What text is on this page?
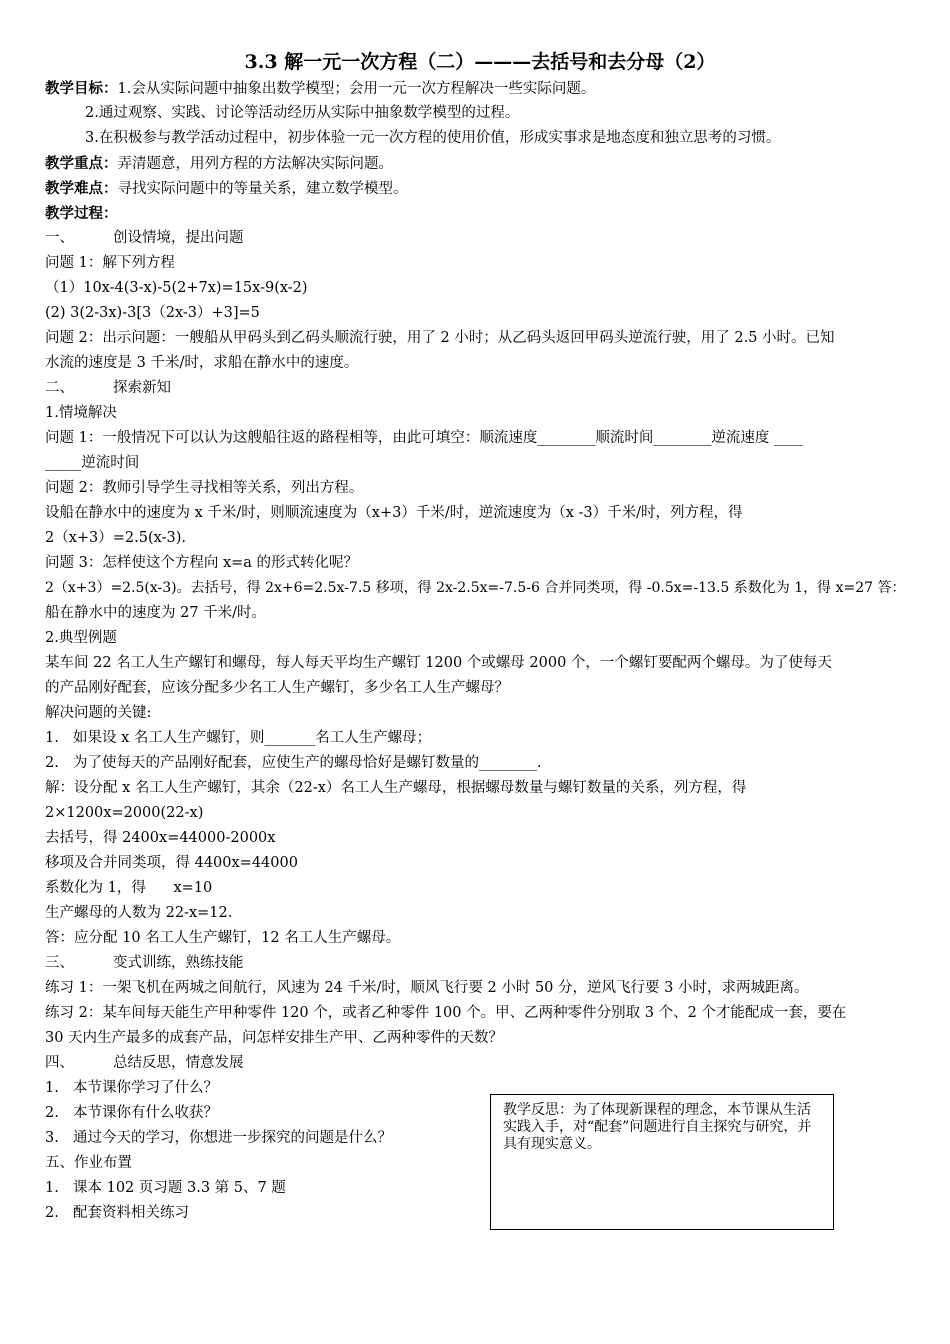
3.3 解一元一次方程（二）———去括号和去分母（2）
教学目标：1.会从实际问题中抽象出数学模型；会用一元一次方程解决一些实际问题。
2.通过观察、实践、讨论等活动经历从实际中抽象数学模型的过程。
3.在积极参与教学活动过程中，初步体验一元一次方程的使用价值，形成实事求是地态度和独立思考的习惯。
教学重点：弄清题意，用列方程的方法解决实际问题。
教学难点：寻找实际问题中的等量关系，建立数学模型。
教学过程：
一、	创设情境，提出问题
问题 1：解下列方程
（1）10x-4(3-x)-5(2+7x)=15x-9(x-2)
(2) 3(2-3x)-3[3（2x-3）+3]=5
问题 2：出示问题：一艘船从甲码头到乙码头顺流行驶，用了 2 小时；从乙码头返回甲码头逆流行驶，用了 2.5 小时。已知
水流的速度是 3 千米/时，求船在静水中的速度。
二、	探索新知
1.情境解决
问题 1：一般情况下可以认为这艘船往返的路程相等，由此可填空：顺流速度________顺流时间________逆流速度 ____
_____逆流时间
问题 2：教师引导学生寻找相等关系，列出方程。
设船在静水中的速度为 x 千米/时，则顺流速度为（x+3）千米/时，逆流速度为（x -3）千米/时，列方程，得
2（x+3）=2.5(x-3).
问题 3：怎样使这个方程向 x=a 的形式转化呢？
2（x+3）=2.5(x-3)。去括号，得 2x+6=2.5x-7.5 移项，得 2x-2.5x=-7.5-6 合并同类项，得 -0.5x=-13.5 系数化为 1，得 x=27 答：
船在静水中的速度为 27 千米/时。
2.典型例题
某车间 22 名工人生产螺钉和螺母，每人每天平均生产螺钉 1200 个或螺母 2000 个，一个螺钉要配两个螺母。为了使每天
的产品刚好配套，应该分配多少名工人生产螺钉，多少名工人生产螺母？
解决问题的关键:
1. 如果设 x 名工人生产螺钉，则_______名工人生产螺母；
2. 为了使每天的产品刚好配套，应使生产的螺母恰好是螺钉数量的________.
解：设分配 x 名工人生产螺钉，其余（22-x）名工人生产螺母，根据螺母数量与螺钉数量的关系，列方程，得
2×1200x=2000(22-x)
去括号，得 2400x=44000-2000x
移项及合并同类项，得 4400x=44000
系数化为 1，得      x=10
生产螺母的人数为 22-x=12.
答：应分配 10 名工人生产螺钉，12 名工人生产螺母。
三、	变式训练，熟练技能
练习 1：一架飞机在两城之间航行，风速为 24 千米/时，顺风飞行要 2 小时 50 分，逆风飞行要 3 小时，求两城距离。
练习 2：某车间每天能生产甲种零件 120 个，或者乙种零件 100 个。甲、乙两种零件分别取 3 个、2 个才能配成一套，要在
30 天内生产最多的成套产品，问怎样安排生产甲、乙两种零件的天数？
四、	总结反思，情意发展
1. 本节课你学习了什么？
2. 本节课你有什么收获？
3. 通过今天的学习，你想进一步探究的问题是什么？
五、作业布置
1. 课本 102 页习题 3.3 第 5、7 题
2. 配套资料相关练习
教学反思：为了体现新课程的理念，本节课从生活实践入手，对“配套”问题进行自主探究与研究，并具有现实意义。
